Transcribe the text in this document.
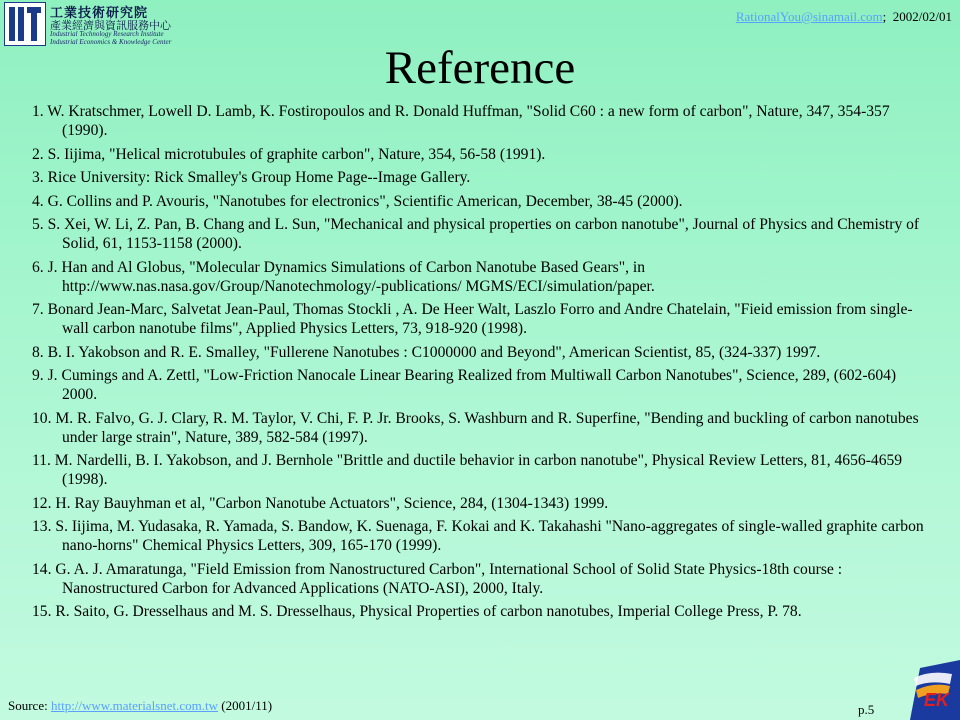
工業技術研究院
產業經濟與資訊服務中心
Industrial Technology Research Institute
Industrial Economics & Knowledge Center
RationalYou@sinamail.com; 2002/02/01
Reference
1. W. Kratschmer, Lowell D. Lamb, K. Fostiropoulos and R. Donald Huffman, "Solid C60 : a new form of carbon", Nature, 347, 354-357 (1990).
2. S. Iijima, "Helical microtubules of graphite carbon", Nature, 354, 56-58 (1991).
3. Rice University: Rick Smalley's Group Home Page--Image Gallery.
4. G. Collins and P. Avouris, "Nanotubes for electronics", Scientific American, December, 38-45 (2000).
5. S. Xei, W. Li, Z. Pan, B. Chang and L. Sun, "Mechanical and physical properties on carbon nanotube", Journal of Physics and Chemistry of Solid, 61, 1153-1158 (2000).
6. J. Han and Al Globus, "Molecular Dynamics Simulations of Carbon Nanotube Based Gears", in http://www.nas.nasa.gov/Group/Nanotechmology/-publications/ MGMS/ECI/simulation/paper.
7. Bonard Jean-Marc, Salvetat Jean-Paul, Thomas Stockli , A. De Heer Walt, Laszlo Forro and Andre Chatelain, "Fieid emission from single-wall carbon nanotube films", Applied Physics Letters, 73, 918-920 (1998).
8. B. I. Yakobson and R. E. Smalley, "Fullerene Nanotubes : C1000000 and Beyond", American Scientist, 85, (324-337) 1997.
9. J. Cumings and A. Zettl, "Low-Friction Nanocale Linear Bearing Realized from Multiwall Carbon Nanotubes", Science, 289, (602-604) 2000.
10. M. R. Falvo, G. J. Clary, R. M. Taylor, V. Chi, F. P. Jr. Brooks, S. Washburn and R. Superfine, "Bending and buckling of carbon nanotubes under large strain", Nature, 389, 582-584 (1997).
11. M. Nardelli, B. I. Yakobson, and J. Bernhole "Brittle and ductile behavior in carbon nanotube", Physical Review Letters, 81, 4656-4659 (1998).
12. H. Ray Bauyhman et al, "Carbon Nanotube Actuators", Science, 284, (1304-1343) 1999.
13. S. Iijima, M. Yudasaka, R. Yamada, S. Bandow, K. Suenaga, F. Kokai and K. Takahashi "Nano-aggregates of single-walled graphite carbon nano-horns" Chemical Physics Letters, 309, 165-170 (1999).
14. G. A. J. Amaratunga, "Field Emission from Nanostructured Carbon", International School of Solid State Physics-18th course : Nanostructured Carbon for Advanced Applications (NATO-ASI), 2000, Italy.
15. R. Saito, G. Dresselhaus and M. S. Dresselhaus, Physical Properties of carbon nanotubes, Imperial College Press, P. 78.
Source: http://www.materialsnet.com.tw (2001/11)	p.5	EK
